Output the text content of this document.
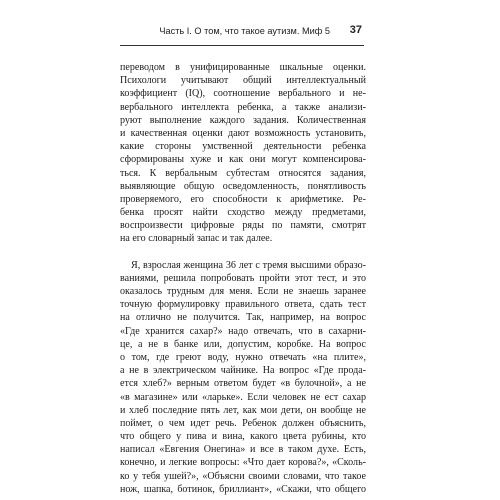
Часть I. О том, что такое аутизм. Миф 5 37

переводом в унифицированные шкальные оценки.
Психологи учитывают общий интеллектуальный
коэффициент (IQ), соотношение вербального и не-
вербального интеллекта ребенка, а также анализи-
руют выполнение каждого задания. Количественная
и качественная оценки дают возможность установить,
какие стороны умственной деятельности ребенка
сформированы хуже и как они могут компенсирова-
ться. К вербальным субтестам относятся задания,
выявляющие общую осведомленность, понятливость
проверяемого, его способности к арифметике. Ре-
бенка просят найти сходство между предметами,
воспроизвести цифровые ряды по памяти, смотрят
на его словарный запас и так далее.

Я, взрослая женщина 36 лет с тремя высшими образо-
ваниями, решила попробовать пройти этот тест, и это
оказалось трудным для меня. Если не знаешь заранее
точную формулировку правильного ответа, сдать тест
на отлично не получится. Так, например, на вопрос
«Где хранится сахар?» надо отвечать, что в сахарни-
це, а не в банке или, допустим, коробке. На вопрос
о том, где греют воду, нужно отвечать «на плите»,
а не в электрическом чайнике. На вопрос «Где прода-
ется хлеб?» верным ответом будет «в булочной», а не
«в магазине» или «ларьке». Если человек не ест сахар
и хлеб последние пять лет, как мои дети, он вообще не
поймет, о чем идет речь. Ребенок должен объяснить,
что общего у пива и вина, какого цвета рубины, кто
написал «Евгения Онегина» и все в таком духе. Есть,
конечно, и легкие вопросы: «Что дает корова?», «Сколь-
ко у тебя ушей?», «Объясни своими словами, что такое
нож, шапка, ботинок, бриллиант», «Скажи, что общего
